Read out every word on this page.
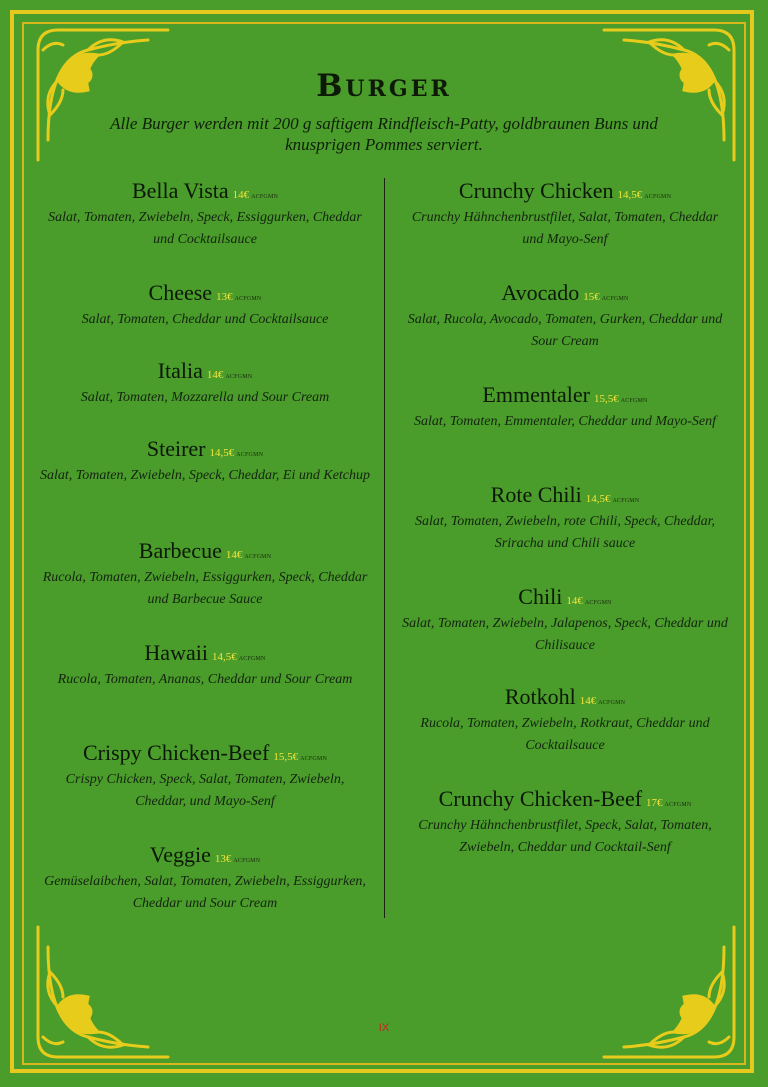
Burger
Alle Burger werden mit 200 g saftigem Rindfleisch-Patty, goldbraunen Buns und knusprigen Pommes serviert.
Bella Vista 14€ ACFGMN
Salat, Tomaten, Zwiebeln, Speck, Essiggurken, Cheddar und Cocktailsauce
Cheese 13€ ACFGMN
Salat, Tomaten, Cheddar und Cocktailsauce
Italia 14€ ACFGMN
Salat, Tomaten, Mozzarella und Sour Cream
Steirer 14,5€ ACFGMN
Salat, Tomaten, Zwiebeln, Speck, Cheddar, Ei und Ketchup
Barbecue 14€ ACFGMN
Rucola, Tomaten, Zwiebeln, Essiggurken, Speck, Cheddar und Barbecue Sauce
Hawaii 14,5€ ACFGMN
Rucola, Tomaten, Ananas, Cheddar und Sour Cream
Crispy Chicken-Beef 15,5€ ACFGMN
Crispy Chicken, Speck, Salat, Tomaten, Zwiebeln, Cheddar, und Mayo-Senf
Veggie 13€ ACFGMN
Gemüselaibchen, Salat, Tomaten, Zwiebeln, Essiggurken, Cheddar und Sour Cream
Crunchy Chicken 14,5€ ACFGMN
Crunchy Hähnchenbrustfilet, Salat, Tomaten, Cheddar und Mayo-Senf
Avocado 15€ ACFGMN
Salat, Rucola, Avocado, Tomaten, Gurken, Cheddar und Sour Cream
Emmentaler 15,5€ ACFGMN
Salat, Tomaten, Emmentaler, Cheddar und Mayo-Senf
Rote Chili 14,5€ ACFGMN
Salat, Tomaten, Zwiebeln, rote Chili, Speck, Cheddar, Sriracha und Chili sauce
Chili 14€ ACFGMN
Salat, Tomaten, Zwiebeln, Jalapenos, Speck, Cheddar und Chilisauce
Rotkohl 14€ ACFGMN
Rucola, Tomaten, Zwiebeln, Rotkraut, Cheddar und Cocktailsauce
Crunchy Chicken-Beef 17€ ACFGMN
Crunchy Hähnchenbrustfilet, Speck, Salat, Tomaten, Zwiebeln, Cheddar und Cocktail-Senf
IX
